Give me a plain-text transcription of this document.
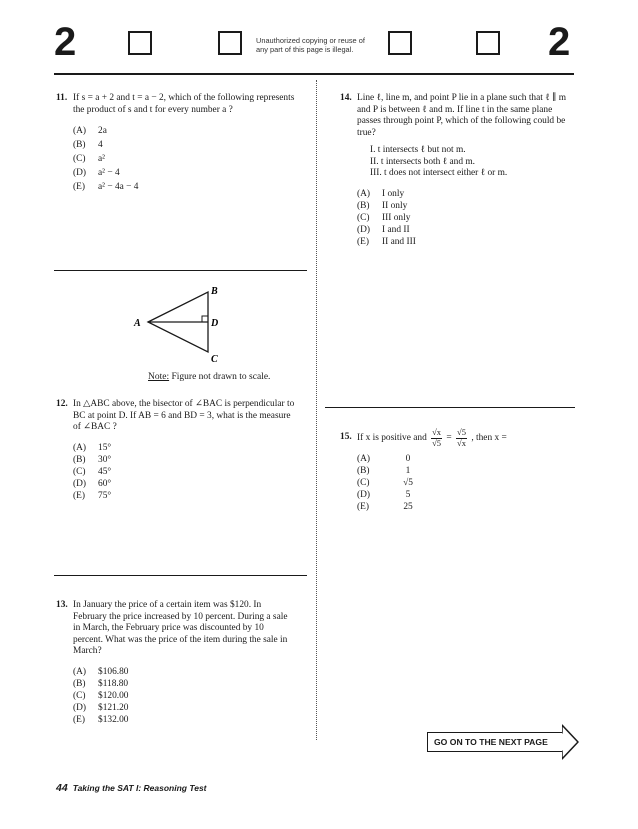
2	Unauthorized copying or reuse of any part of this page is illegal.	2
11. If s = a + 2 and t = a − 2, which of the following represents the product of s and t for every number a ?
(A)	2a
(B)	4
(C)	a²
(D)	a² − 4
(E)	a² − 4a − 4
A
B
C
D
Note: Figure not drawn to scale.
12. In △ABC above, the bisector of ∠BAC is perpendicular to BC at point D. If AB = 6 and BD = 3, what is the measure of ∠BAC ?
(A)	15°
(B)	30°
(C)	45°
(D)	60°
(E)	75°
13. In January the price of a certain item was $120. In February the price increased by 10 percent. During a sale in March, the February price was discounted by 10 percent. What was the price of the item during the sale in March?
(A)	$106.80
(B)	$118.80
(C)	$120.00
(D)	$121.20
(E)	$132.00
14. Line ℓ, line m, and point P lie in a plane such that ℓ ∥ m and P is between ℓ and m. If line t in the same plane passes through point P, which of the following could be true?
I. t intersects ℓ but not m.
II. t intersects both ℓ and m.
III. t does not intersect either ℓ or m.
(A)	I only
(B)	II only
(C)	III only
(D)	I and II
(E)	II and III
15. If x is positive and $\frac{√x}{√5} = \frac{√5}{√x}$ , then x =
(A)	0
(B)	1
(C)	√5
(D)	5
(E)	25
GO ON TO THE NEXT PAGE
44 Taking the SAT I: Reasoning Test
